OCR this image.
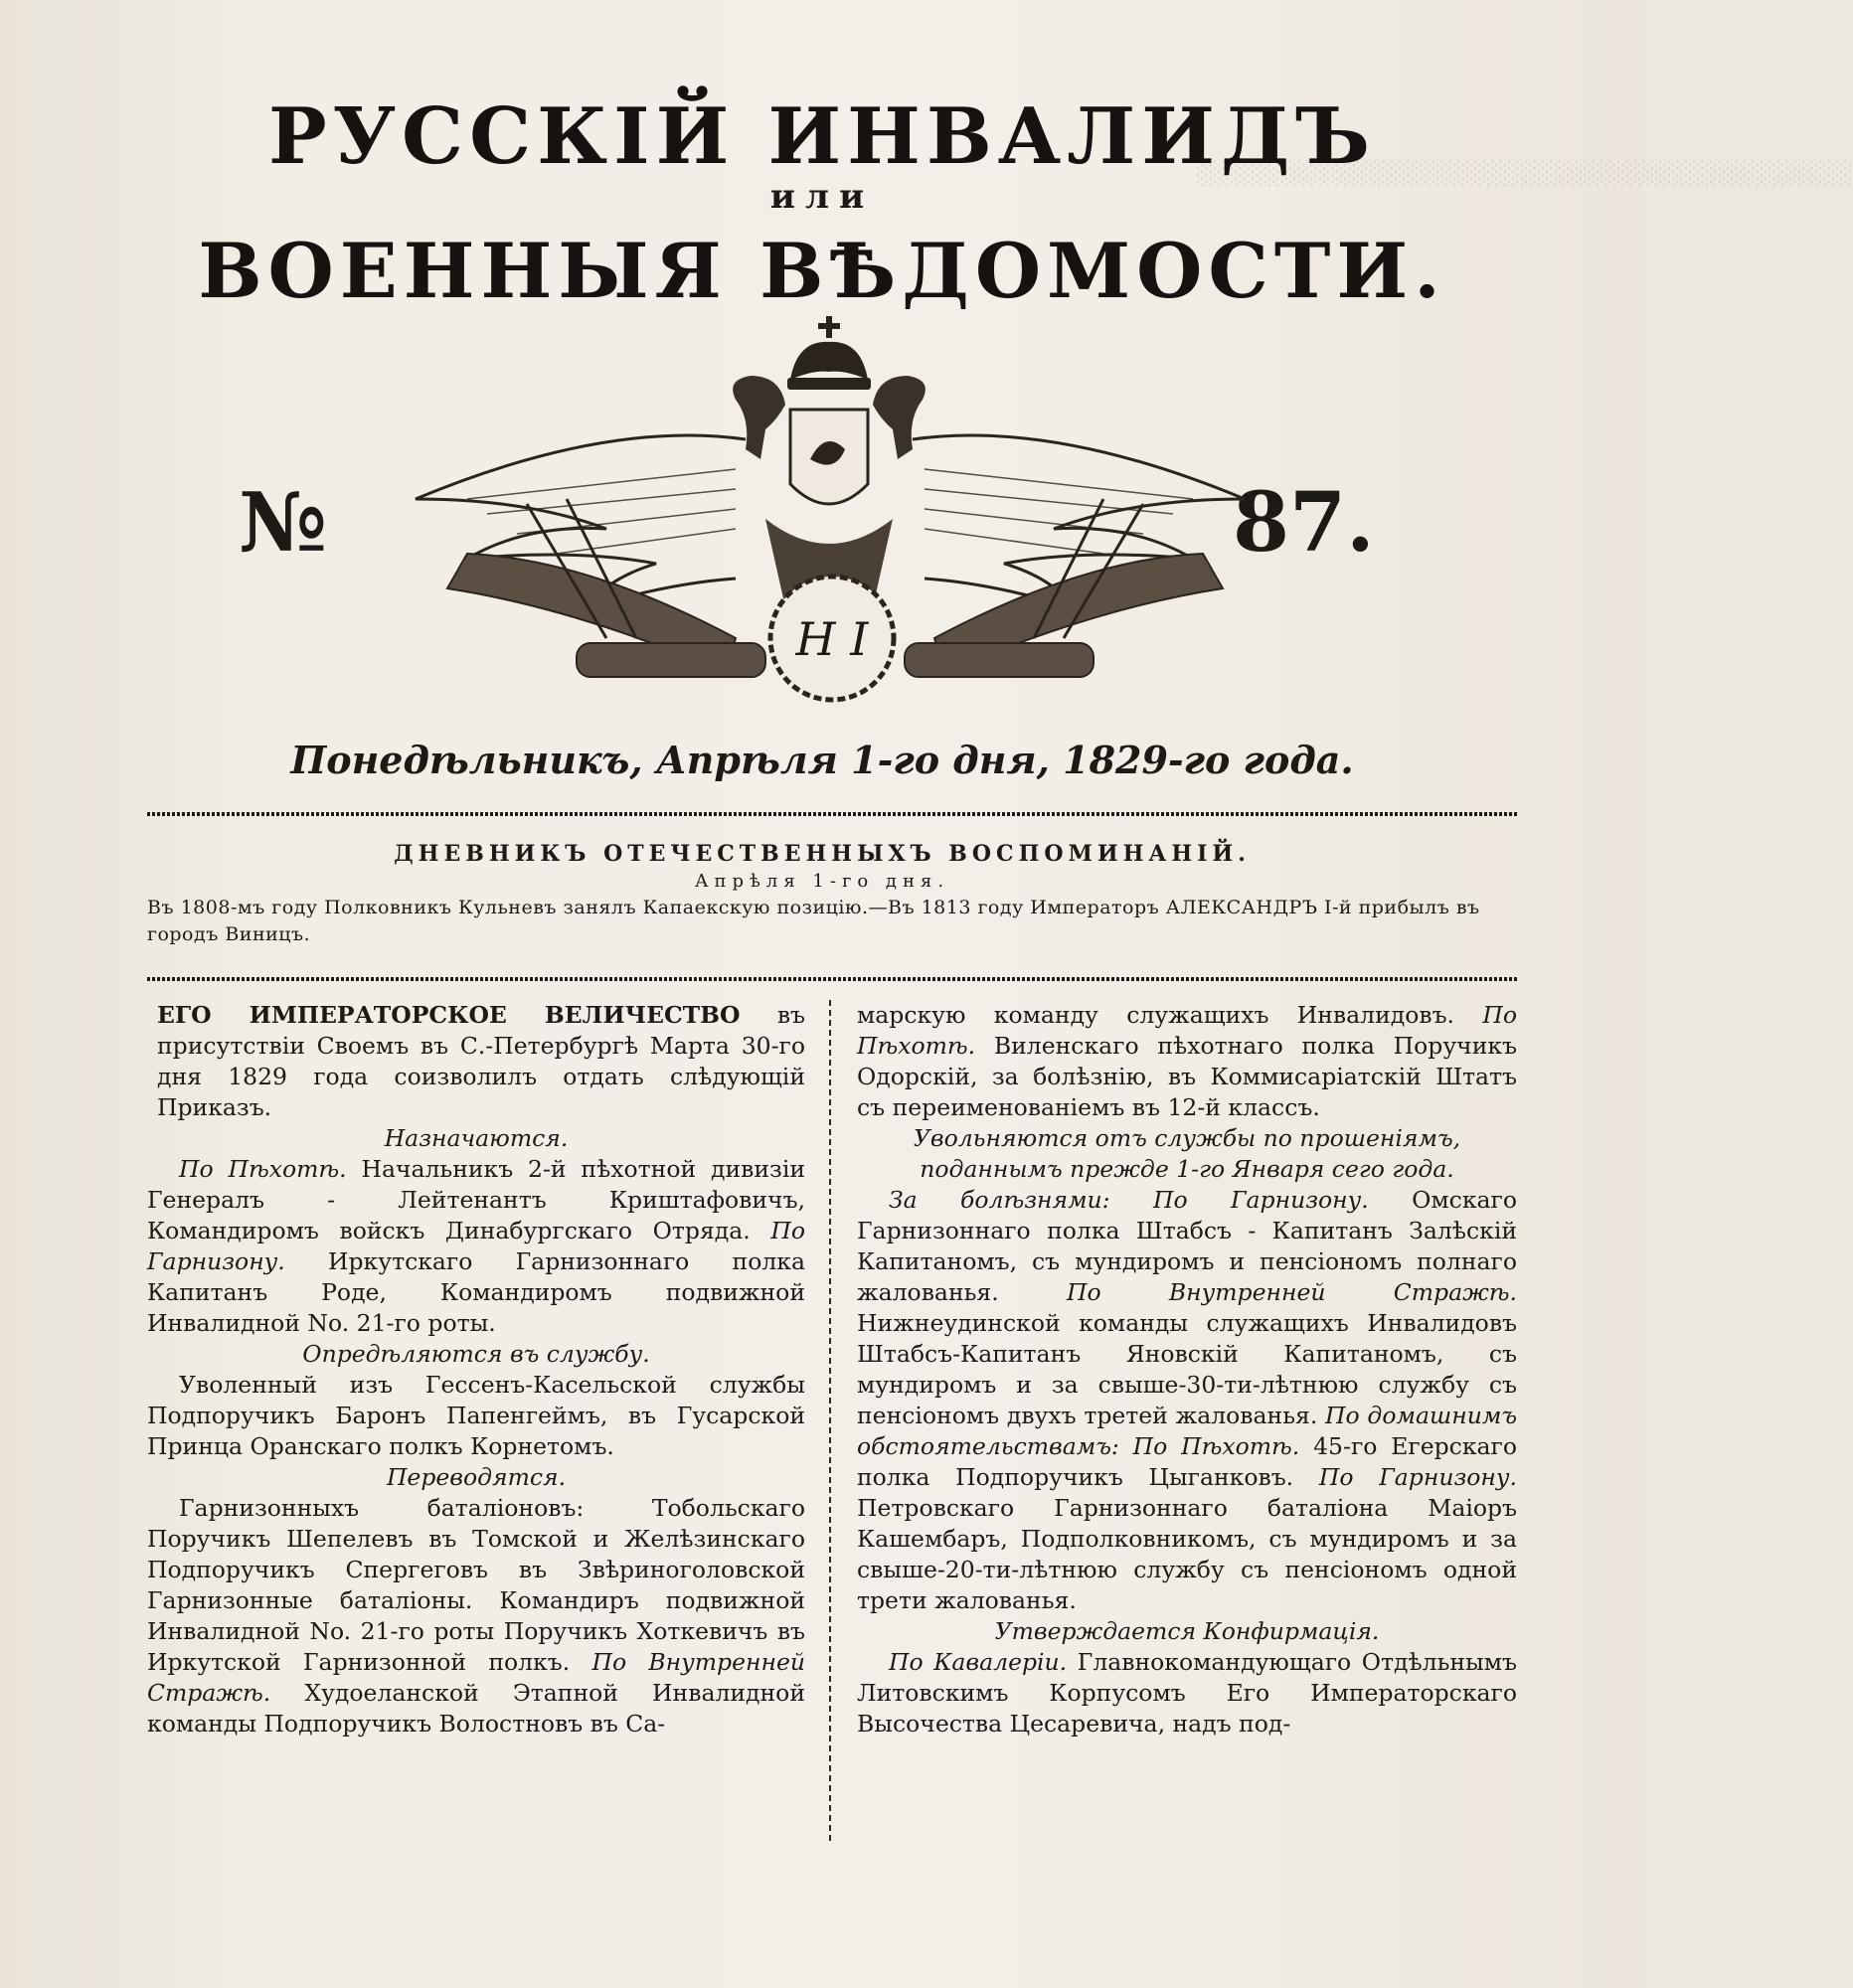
░░░░░░░░░░░░░░░░░░░░░░░░░░░░░░░░░░░░░░░
РУССКІЙ ИНВАЛИДЪ
или
ВОЕННЫЯ ВѢДОМОСТИ.
№	87.
Н I
Понедѣльникъ, Апрѣля 1-го дня, 1829-го года.
ДНЕВНИКЪ ОТЕЧЕСТВЕННЫХЪ ВОСПОМИНАНІЙ.
Апрѣля 1-го дня.
Въ 1808-мъ году Полковникъ Кульневъ занялъ Капаекскую позицію.—Въ 1813 году Императоръ АЛЕКСАНДРЪ I-й прибылъ въ городъ Виницъ.

ЕГО ИМПЕРАТОРСКОЕ ВЕЛИЧЕСТВО въ присутствіи Своемъ въ С.-Петербургѣ Марта 30-го дня 1829 года соизволилъ отдать слѣдующій Приказъ.

Назначаются.

По Пѣхотѣ. Начальникъ 2-й пѣхотной дивизіи Генералъ - Лейтенантъ Криштафовичъ, Командиромъ войскъ Динабургскаго Отряда. По Гарнизону. Иркутскаго Гарнизоннаго полка Капитанъ Роде, Командиромъ подвижной Инвалидной No. 21-го роты.

Опредѣляются въ службу.

Уволенный изъ Гессенъ-Касельской службы Подпоручикъ Баронъ Папенгеймъ, въ Гусарской Принца Оранскаго полкъ Корнетомъ.

Переводятся.

Гарнизонныхъ баталіоновъ: Тобольскаго Поручикъ Шепелевъ въ Томской и Желѣзинскаго Подпоручикъ Спергеговъ въ Звѣриноголовской Гарнизонные баталіоны. Командиръ подвижной Инвалидной No. 21-го роты Поручикъ Хоткевичъ въ Иркутской Гарнизонной полкъ. По Внутренней Стражѣ. Худоеланской Этапной Инвалидной команды Подпоручикъ Волостновъ въ Са-

марскую команду служащихъ Инвалидовъ. По Пѣхотѣ. Виленскаго пѣхотнаго полка Поручикъ Одорскій, за болѣзнію, въ Коммисаріатскій Штатъ съ переименованіемъ въ 12-й классъ.

Увольняются отъ службы по прошеніямъ, поданнымъ прежде 1-го Января сего года.

За болѣзнями: По Гарнизону. Омскаго Гарнизоннаго полка Штабсъ - Капитанъ Залѣскій Капитаномъ, съ мундиромъ и пенсіономъ полнаго жалованья. По Внутренней Стражѣ. Нижнеудинской команды служащихъ Инвалидовъ Штабсъ-Капитанъ Яновскій Капитаномъ, съ мундиромъ и за свыше-30-ти-лѣтнюю службу съ пенсіономъ двухъ третей жалованья. По домашнимъ обстоятельствамъ: По Пѣхотѣ. 45-го Егерскаго полка Подпоручикъ Цыганковъ. По Гарнизону. Петровскаго Гарнизоннаго баталіона Маіоръ Кашембаръ, Подполковникомъ, съ мундиромъ и за свыше-20-ти-лѣтнюю службу съ пенсіономъ одной трети жалованья.

Утверждается Конфирмація.

По Кавалеріи. Главнокомандующаго Отдѣльнымъ Литовскимъ Корпусомъ Его Императорскаго Высочества Цесаревича, надъ под-
